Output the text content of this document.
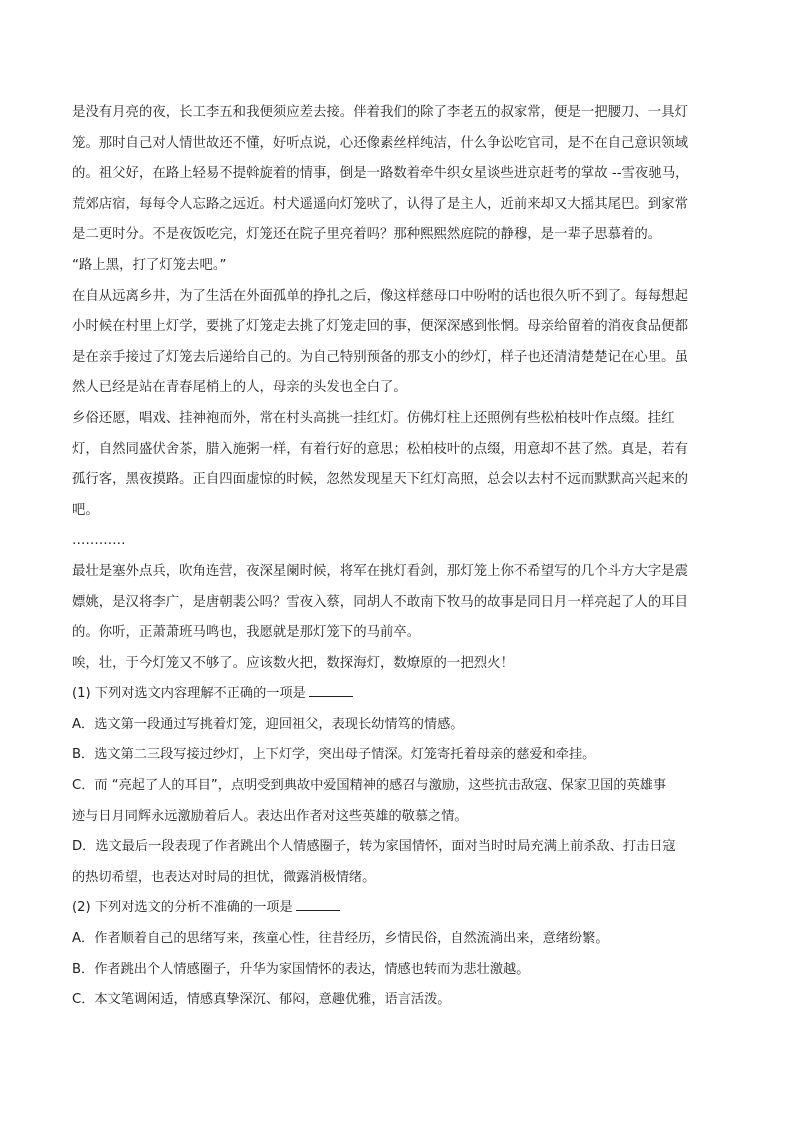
是没有月亮的夜，长工李五和我便须应差去接。伴着我们的除了李老五的叔家常，便是一把腰刀、一具灯
笼。那时自己对人情世故还不懂，好听点说，心还像素丝样纯洁，什么争讼吃官司，是不在自己意识领域
的。祖父好，在路上轻易不提斡旋着的情事，倒是一路数着牵牛织女星谈些进京赶考的掌故 --雪夜驰马，
荒郊店宿，每每令人忘路之远近。村犬遥遥向灯笼吠了，认得了是主人，近前来却又大摇其尾巴。到家常
是二更时分。不是夜饭吃完，灯笼还在院子里亮着吗？那种熙熙然庭院的静穆，是一辈子思慕着的。
“路上黑，打了灯笼去吧。”
在自从远离乡井，为了生活在外面孤单的挣扎之后，像这样慈母口中吩咐的话也很久听不到了。每每想起
小时候在村里上灯学，要挑了灯笼走去挑了灯笼走回的事，便深深感到怅惘。母亲给留着的消夜食品便都
是在亲手接过了灯笼去后递给自己的。为自己特别预备的那支小的纱灯，样子也还清清楚楚记在心里。虽
然人已经是站在青春尾梢上的人，母亲的头发也全白了。
乡俗还愿，唱戏、挂神袍而外，常在村头高挑一挂红灯。仿佛灯柱上还照例有些松柏枝叶作点缀。挂红
灯，自然同盛伏舍茶，腊入施粥一样，有着行好的意思；松柏枝叶的点缀，用意却不甚了然。真是，若有
孤行客，黑夜摸路。正自四面虚惊的时候，忽然发现星天下红灯高照，总会以去村不远而默默高兴起来的
吧。
…………
最壮是塞外点兵，吹角连营，夜深星阑时候，将军在挑灯看剑，那灯笼上你不希望写的几个斗方大字是震
嫖姚，是汉将李广，是唐朝裴公吗？雪夜入蔡，同胡人不敢南下牧马的故事是同日月一样亮起了人的耳目
的。你听，正萧萧班马鸣也，我愿就是那灯笼下的马前卒。
唉，壮，于今灯笼又不够了。应该数火把，数探海灯，数燎原的一把烈火！
(1) 下列对选文内容理解不正确的一项是
A．选文第一段通过写挑着灯笼，迎回祖父，表现长幼情笃的情感。
B．选文第二三段写接过纱灯，上下灯学，突出母子情深。灯笼寄托着母亲的慈爱和牵挂。
C．而 “亮起了人的耳目”，点明受到典故中爱国精神的感召与激励，这些抗击敌寇、保家卫国的英雄事
迹与日月同辉永远激励着后人。表达出作者对这些英雄的敬慕之情。
D．选文最后一段表现了作者跳出个人情感圈子，转为家国情怀，面对当时时局充满上前杀敌、打击日寇
的热切希望，也表达对时局的担忧，微露消极情绪。
(2) 下列对选文的分析不准确的一项是
A．作者顺着自己的思绪写来，孩童心性，往昔经历，乡情民俗，自然流淌出来，意绪纷繁。
B．作者跳出个人情感圈子，升华为家国情怀的表达，情感也转而为悲壮激越。
C．本文笔调闲适，情感真挚深沉、郁闷，意趣优雅，语言活泼。
